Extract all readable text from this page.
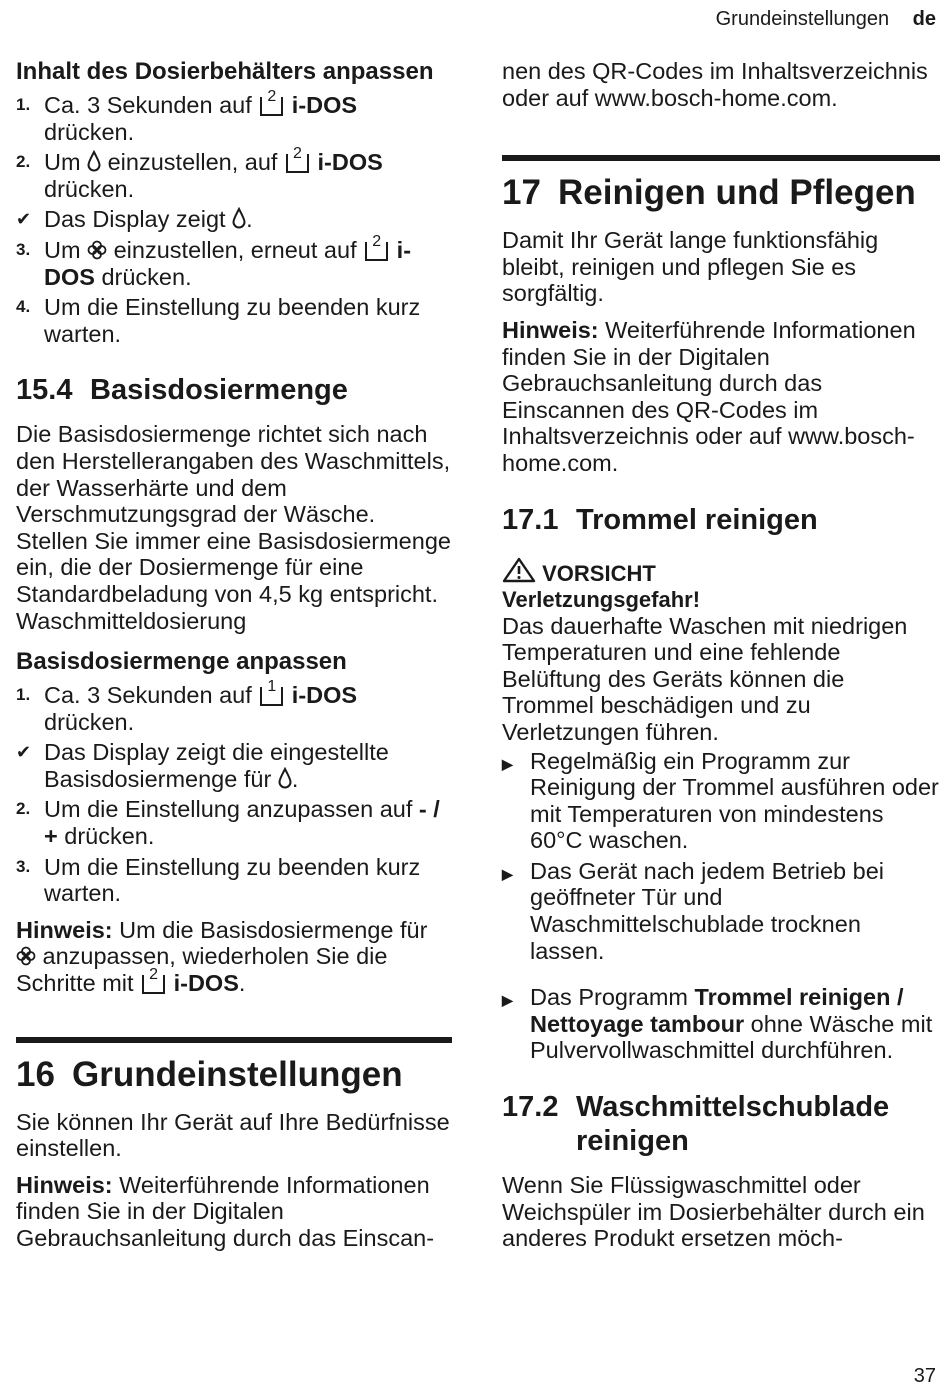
Grundeinstellungen de
Inhalt des Dosierbehälters anpassen
1. Ca. 3 Sekunden auf 2 i-DOS drücken.
2. Um  einzustellen, auf 2 i-DOS drücken.
✔ Das Display zeigt .
3. Um  einzustellen, erneut auf 2 i-DOS drücken.
4. Um die Einstellung zu beenden kurz warten.
15.4 Basisdosiermenge

Die Basisdosiermenge richtet sich nach den Herstellerangaben des Waschmittels, der Wasserhärte und dem Verschmutzungsgrad der Wäsche.

Stellen Sie immer eine Basisdosiermenge ein, die der Dosiermenge für eine Standardbeladung von 4,5 kg entspricht. Waschmitteldosierung

Basisdosiermenge anpassen
1. Ca. 3 Sekunden auf 1 i-DOS drücken.
✔ Das Display zeigt die eingestellte Basisdosiermenge für .
2. Um die Einstellung anzupassen auf - / + drücken.
3. Um die Einstellung zu beenden kurz warten.

Hinweis: Um die Basisdosiermenge für  anzupassen, wiederholen Sie die Schritte mit 2 i-DOS.

16 Grundeinstellungen

Sie können Ihr Gerät auf Ihre Bedürfnisse einstellen.

Hinweis: Weiterführende Informationen finden Sie in der Digitalen Gebrauchsanleitung durch das Einscan-

nen des QR-Codes im Inhaltsverzeichnis oder auf www.bosch-home.com.

17 Reinigen und Pflegen

Damit Ihr Gerät lange funktionsfähig bleibt, reinigen und pflegen Sie es sorgfältig.

Hinweis: Weiterführende Informationen finden Sie in der Digitalen Gebrauchsanleitung durch das Einscannen des QR-Codes im Inhaltsverzeichnis oder auf www.bosch-home.com.

17.1 Trommel reinigen
VORSICHT
Verletzungsgefahr!

Das dauerhafte Waschen mit niedrigen Temperaturen und eine fehlende Belüftung des Geräts können die Trommel beschädigen und zu Verletzungen führen.

▶ Regelmäßig ein Programm zur Reinigung der Trommel ausführen oder mit Temperaturen von mindestens 60°C waschen.
▶ Das Gerät nach jedem Betrieb bei geöffneter Tür und Waschmittelschublade trocknen lassen.
▶ Das Programm Trommel reinigen / Nettoyage tambour ohne Wäsche mit Pulvervollwaschmittel durchführen.
17.2 Waschmittelschublade reinigen

Wenn Sie Flüssigwaschmittel oder Weichspüler im Dosierbehälter durch ein anderes Produkt ersetzen möch-

37
